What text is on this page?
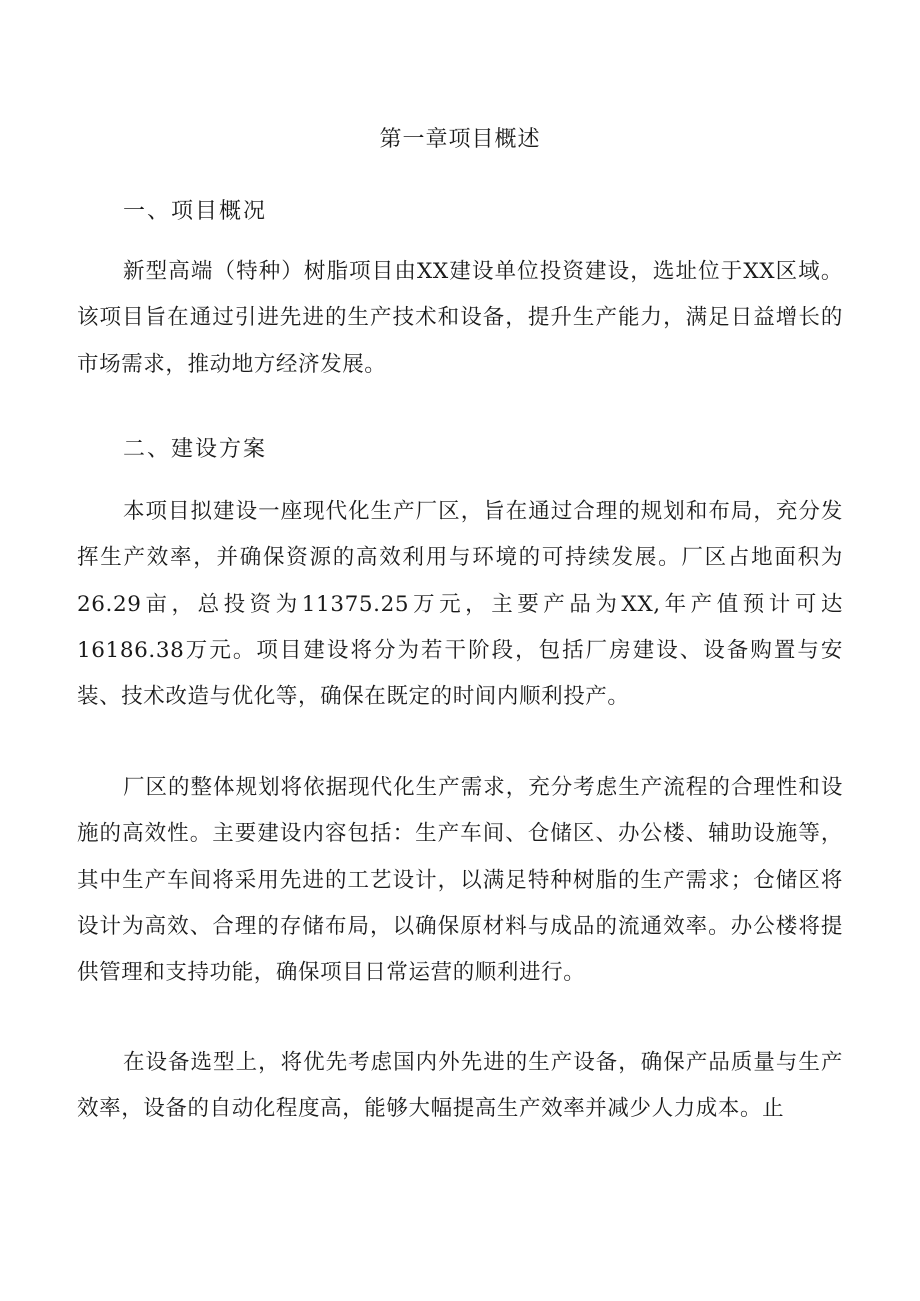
第一章项目概述
一、项目概况

新型高端（特种）树脂项目由XX建设单位投资建设，选址位于XX区域。该项目旨在通过引进先进的生产技术和设备，提升生产能力，满足日益增长的市场需求，推动地方经济发展。

二、建设方案

本项目拟建设一座现代化生产厂区，旨在通过合理的规划和布局，充分发挥生产效率，并确保资源的高效利用与环境的可持续发展。厂区占地面积为26.29亩，总投资为11375.25万元，主要产品为XX,年产值预计可达16186.38万元。项目建设将分为若干阶段，包括厂房建设、设备购置与安装、技术改造与优化等，确保在既定的时间内顺利投产。

厂区的整体规划将依据现代化生产需求，充分考虑生产流程的合理性和设施的高效性。主要建设内容包括：生产车间、仓储区、办公楼、辅助设施等，其中生产车间将采用先进的工艺设计，以满足特种树脂的生产需求；仓储区将设计为高效、合理的存储布局，以确保原材料与成品的流通效率。办公楼将提供管理和支持功能，确保项目日常运营的顺利进行。

在设备选型上，将优先考虑国内外先进的生产设备，确保产品质量与生产效率，设备的自动化程度高，能够大幅提高生产效率并减少人力成本。止
